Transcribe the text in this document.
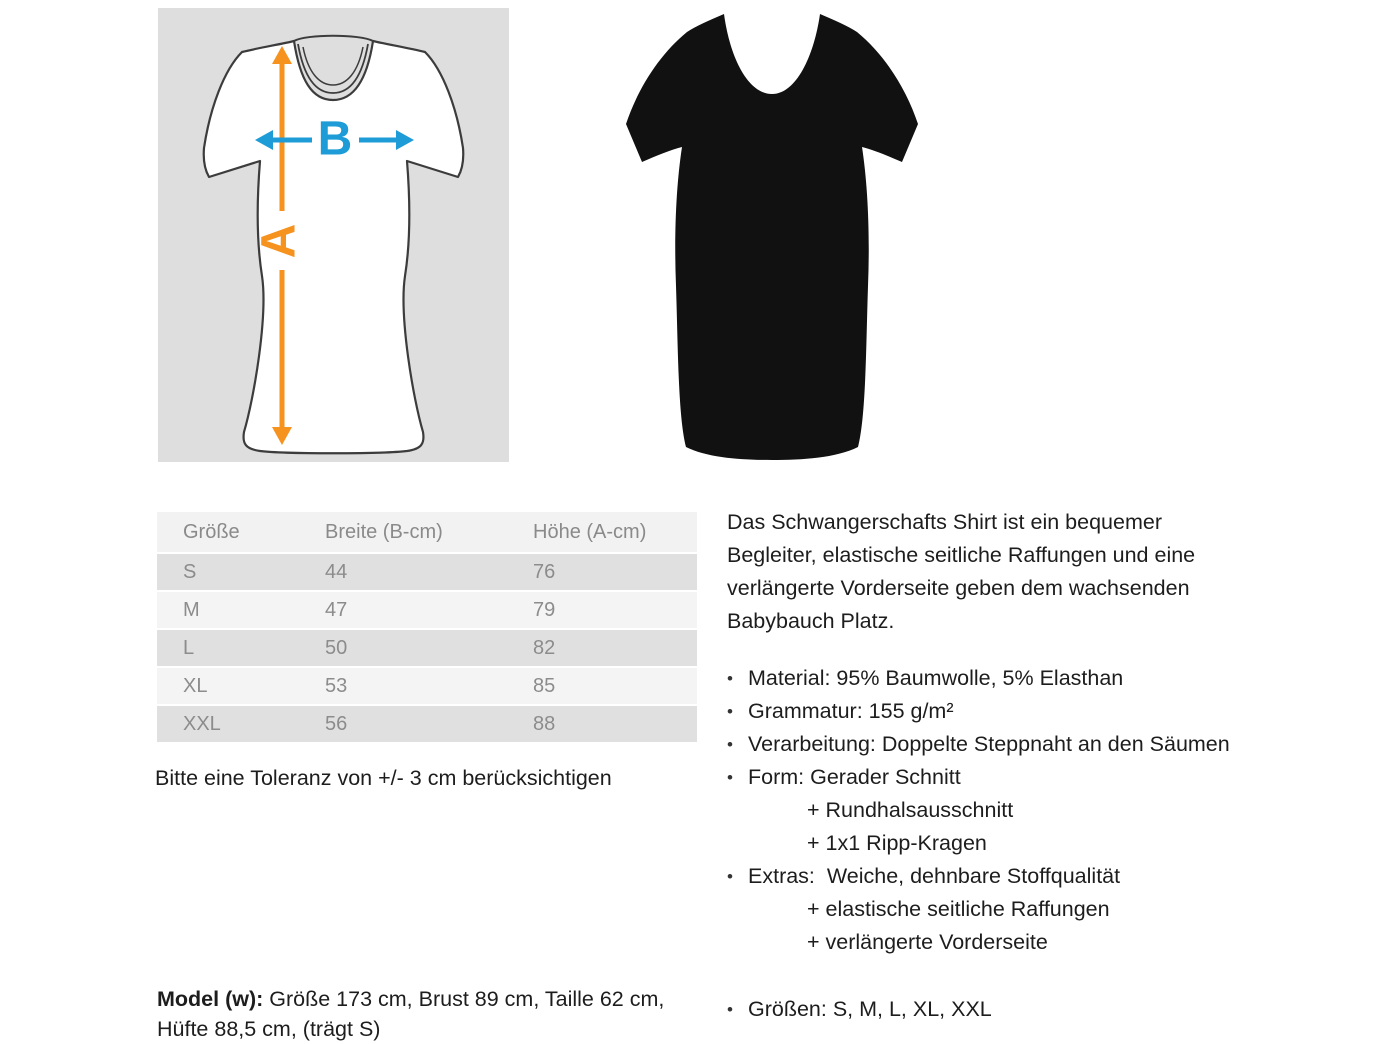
A
B
Größe	Breite (B-cm)	Höhe (A-cm)
S	44	76
M	47	79
L	50	82
XL	53	85
XXL	56	88
Bitte eine Toleranz von +/- 3 cm berücksichtigen
Model (w): Größe 173 cm, Brust 89 cm, Taille 62 cm,
Hüfte 88,5 cm, (trägt S)
Das Schwangerschafts Shirt ist ein bequemer
Begleiter, elastische seitliche Raffungen und eine
verlängerte Vorderseite geben dem wachsenden
Babybauch Platz.
• Material: 95% Baumwolle, 5% Elasthan
• Grammatur: 155 g/m²
• Verarbeitung: Doppelte Steppnaht an den Säumen
• Form: Gerader Schnitt
+ Rundhalsausschnitt
+ 1x1 Ripp-Kragen
• Extras:  Weiche, dehnbare Stoffqualität
+ elastische seitliche Raffungen
+ verlängerte Vorderseite
• Größen: S, M, L, XL, XXL
